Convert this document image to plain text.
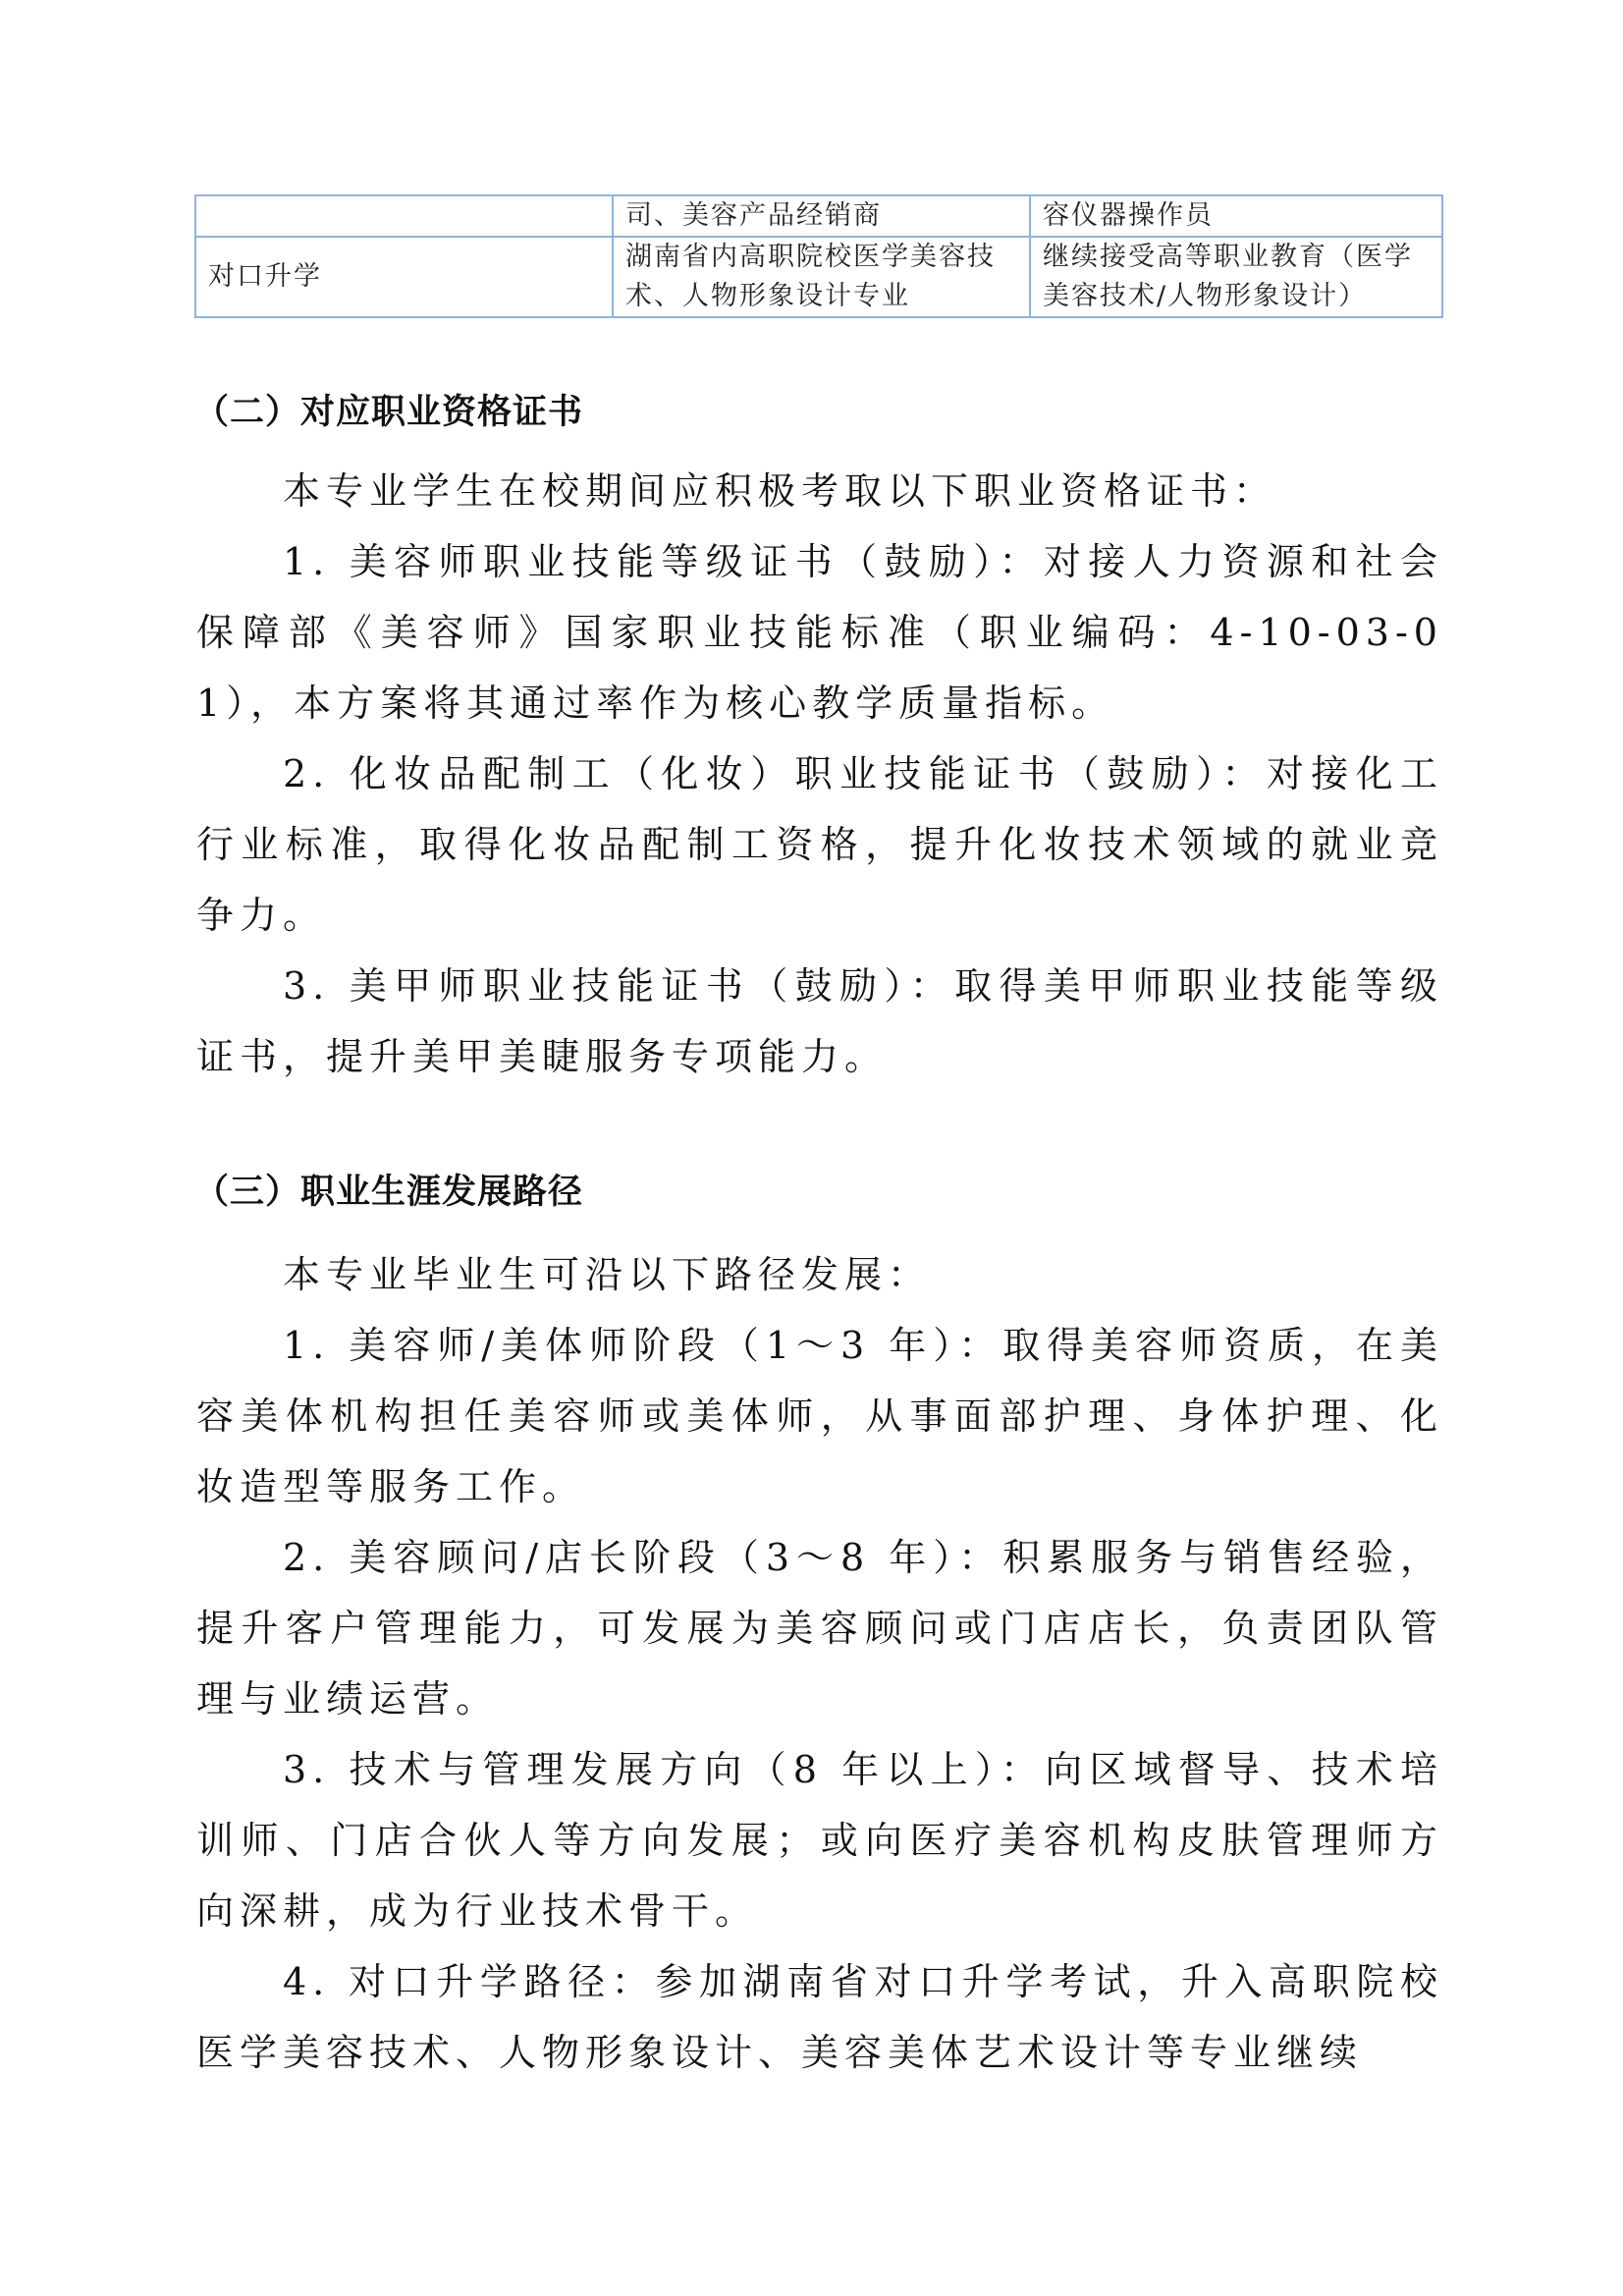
	司、美容产品经销商	容仪器操作员
对口升学	湖南省内高职院校医学美容技术、人物形象设计专业	继续接受高等职业教育（医学美容技术/人物形象设计）
（二）对应职业资格证书

本专业学生在校期间应积极考取以下职业资格证书：

1. 美容师职业技能等级证书（鼓励）：对接人力资源和社会保障部《美容师》国家职业技能标准（职业编码：4-10-03-01），本方案将其通过率作为核心教学质量指标。

2. 化妆品配制工（化妆）职业技能证书（鼓励）：对接化工行业标准，取得化妆品配制工资格，提升化妆技术领域的就业竞争力。

3. 美甲师职业技能证书（鼓励）：取得美甲师职业技能等级证书，提升美甲美睫服务专项能力。

（三）职业生涯发展路径

本专业毕业生可沿以下路径发展：

1. 美容师/美体师阶段（1～3 年）：取得美容师资质，在美容美体机构担任美容师或美体师，从事面部护理、身体护理、化妆造型等服务工作。

2. 美容顾问/店长阶段（3～8 年）：积累服务与销售经验，提升客户管理能力，可发展为美容顾问或门店店长，负责团队管理与业绩运营。

3. 技术与管理发展方向（8 年以上）：向区域督导、技术培训师、门店合伙人等方向发展；或向医疗美容机构皮肤管理师方向深耕，成为行业技术骨干。

4. 对口升学路径：参加湖南省对口升学考试，升入高职院校医学美容技术、人物形象设计、美容美体艺术设计等专业继续
